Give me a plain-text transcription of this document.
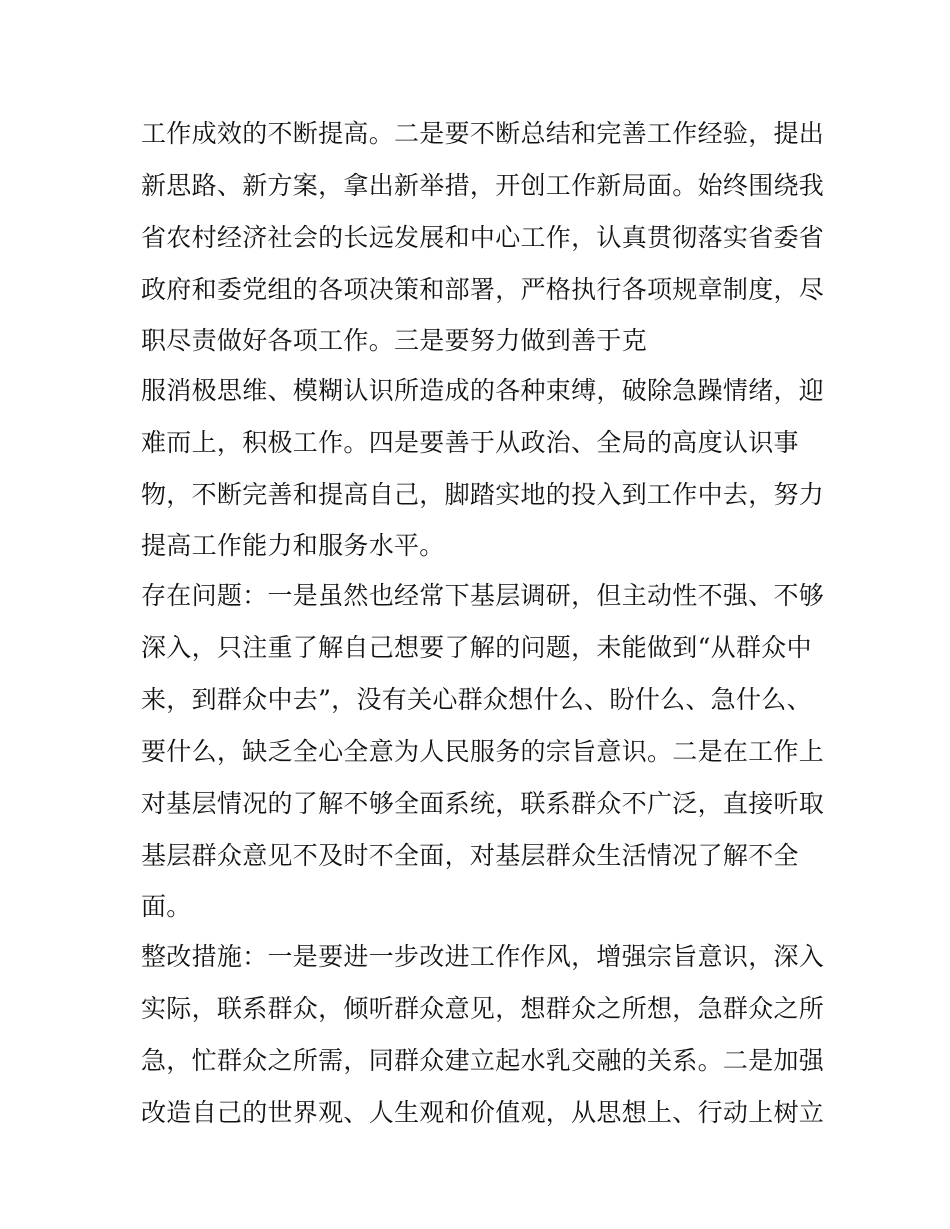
工作成效的不断提高。二是要不断总结和完善工作经验，提出
新思路、新方案，拿出新举措，开创工作新局面。始终围绕我
省农村经济社会的长远发展和中心工作，认真贯彻落实省委省
政府和委党组的各项决策和部署，严格执行各项规章制度，尽
职尽责做好各项工作。三是要努力做到善于克
服消极思维、模糊认识所造成的各种束缚，破除急躁情绪，迎
难而上，积极工作。四是要善于从政治、全局的高度认识事
物，不断完善和提高自己，脚踏实地的投入到工作中去，努力
提高工作能力和服务水平。
存在问题：一是虽然也经常下基层调研，但主动性不强、不够
深入，只注重了解自己想要了解的问题，未能做到“从群众中
来，到群众中去”，没有关心群众想什么、盼什么、急什么、
要什么，缺乏全心全意为人民服务的宗旨意识。二是在工作上
对基层情况的了解不够全面系统，联系群众不广泛，直接听取
基层群众意见不及时不全面，对基层群众生活情况了解不全
面。
整改措施：一是要进一步改进工作作风，增强宗旨意识，深入
实际，联系群众，倾听群众意见，想群众之所想，急群众之所
急，忙群众之所需，同群众建立起水乳交融的关系。二是加强
改造自己的世界观、人生观和价值观，从思想上、行动上树立
